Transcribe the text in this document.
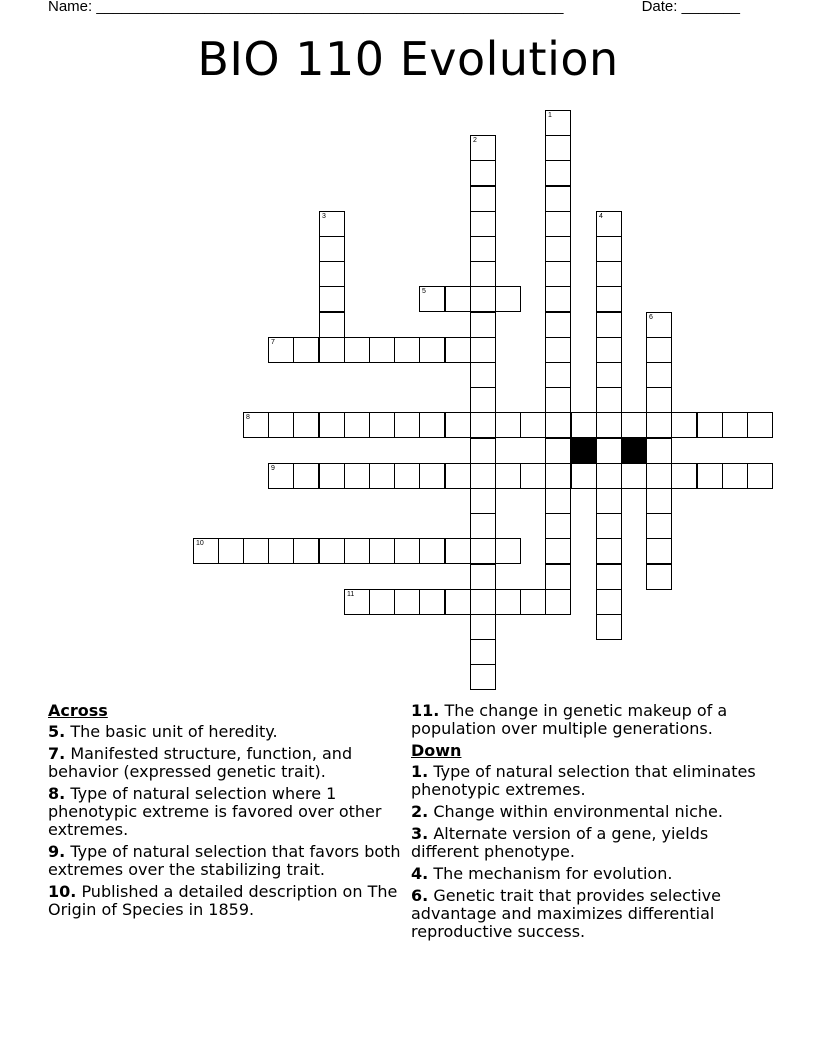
Name: ________________________________________________________	Date: _______
BIO 110 Evolution
1
2
3	4
5
6
7
8
9
10
11
Across
5. The basic unit of heredity.
7. Manifested structure, function, and behavior (expressed genetic trait).
8. Type of natural selection where 1 phenotypic extreme is favored over other extremes.
9. Type of natural selection that favors both extremes over the stabilizing trait.
10. Published a detailed description on The Origin of Species in 1859.
11. The change in genetic makeup of a population over multiple generations.
Down
1. Type of natural selection that eliminates phenotypic extremes.
2. Change within environmental niche.
3. Alternate version of a gene, yields different phenotype.
4. The mechanism for evolution.
6. Genetic trait that provides selective advantage and maximizes differential reproductive success.
